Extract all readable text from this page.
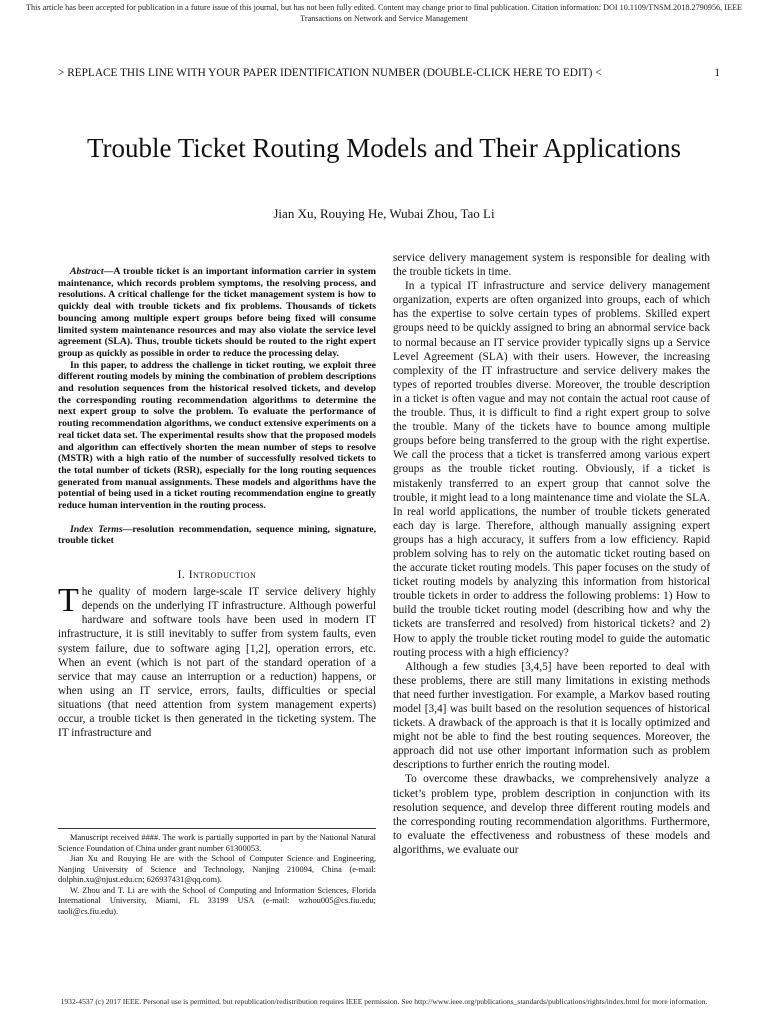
This article has been accepted for publication in a future issue of this journal, but has not been fully edited. Content may change prior to final publication. Citation information: DOI 10.1109/TNSM.2018.2790956, IEEE
Transactions on Network and Service Management
> REPLACE THIS LINE WITH YOUR PAPER IDENTIFICATION NUMBER (DOUBLE-CLICK HERE TO EDIT) <	1
Trouble Ticket Routing Models and Their Applications
Jian Xu, Rouying He, Wubai Zhou, Tao Li

Abstract—A trouble ticket is an important information carrier in system maintenance, which records problem symptoms, the resolving process, and resolutions. A critical challenge for the ticket management system is how to quickly deal with trouble tickets and fix problems. Thousands of tickets bouncing among multiple expert groups before being fixed will consume limited system maintenance resources and may also violate the service level agreement (SLA). Thus, trouble tickets should be routed to the right expert group as quickly as possible in order to reduce the processing delay.

In this paper, to address the challenge in ticket routing, we exploit three different routing models by mining the combination of problem descriptions and resolution sequences from the historical resolved tickets, and develop the corresponding routing recommendation algorithms to determine the next expert group to solve the problem. To evaluate the performance of routing recommendation algorithms, we conduct extensive experiments on a real ticket data set. The experimental results show that the proposed models and algorithm can effectively shorten the mean number of steps to resolve (MSTR) with a high ratio of the number of successfully resolved tickets to the total number of tickets (RSR), especially for the long routing sequences generated from manual assignments. These models and algorithms have the potential of being used in a ticket routing recommendation engine to greatly reduce human intervention in the routing process.

Index Terms—resolution recommendation, sequence mining, signature, trouble ticket

I. Introduction

The quality of modern large-scale IT service delivery highly depends on the underlying IT infrastructure. Although powerful hardware and software tools have been used in modern IT infrastructure, it is still inevitably to suffer from system faults, even system failure, due to software aging [1,2], operation errors, etc. When an event (which is not part of the standard operation of a service that may cause an interruption or a reduction) happens, or when using an IT service, errors, faults, difficulties or special situations (that need attention from system management experts) occur, a trouble ticket is then generated in the ticketing system. The IT infrastructure and

Manuscript received ####. The work is partially supported in part by the National Natural Science Foundation of China under grant number 61300053.

Jian Xu and Rouying He are with the School of Computer Science and Engineering, Nanjing University of Science and Technology, Nanjing 210094, China (e-mail: dolphin.xu@njust.edu.cn; 626937431@qq.com).

W. Zhou and T. Li are with the School of Computing and Information Sciences, Florida International University, Miami, FL 33199 USA (e-mail: wzhou005@cs.fiu.edu; taoli@cs.fiu.edu).

service delivery management system is responsible for dealing with the trouble tickets in time.

In a typical IT infrastructure and service delivery management organization, experts are often organized into groups, each of which has the expertise to solve certain types of problems. Skilled expert groups need to be quickly assigned to bring an abnormal service back to normal because an IT service provider typically signs up a Service Level Agreement (SLA) with their users. However, the increasing complexity of the IT infrastructure and service delivery makes the types of reported troubles diverse. Moreover, the trouble description in a ticket is often vague and may not contain the actual root cause of the trouble. Thus, it is difficult to find a right expert group to solve the trouble. Many of the tickets have to bounce among multiple groups before being transferred to the group with the right expertise. We call the process that a ticket is transferred among various expert groups as the trouble ticket routing. Obviously, if a ticket is mistakenly transferred to an expert group that cannot solve the trouble, it might lead to a long maintenance time and violate the SLA. In real world applications, the number of trouble tickets generated each day is large. Therefore, although manually assigning expert groups has a high accuracy, it suffers from a low efficiency. Rapid problem solving has to rely on the automatic ticket routing based on the accurate ticket routing models. This paper focuses on the study of ticket routing models by analyzing this information from historical trouble tickets in order to address the following problems: 1) How to build the trouble ticket routing model (describing how and why the tickets are transferred and resolved) from historical tickets? and 2) How to apply the trouble ticket routing model to guide the automatic routing process with a high efficiency?

Although a few studies [3,4,5] have been reported to deal with these problems, there are still many limitations in existing methods that need further investigation. For example, a Markov based routing model [3,4] was built based on the resolution sequences of historical tickets. A drawback of the approach is that it is locally optimized and might not be able to find the best routing sequences. Moreover, the approach did not use other important information such as problem descriptions to further enrich the routing model.

To overcome these drawbacks, we comprehensively analyze a ticket’s problem type, problem description in conjunction with its resolution sequence, and develop three different routing models and the corresponding routing recommendation algorithms. Furthermore, to evaluate the effectiveness and robustness of these models and algorithms, we evaluate our

1932-4537 (c) 2017 IEEE. Personal use is permitted, but republication/redistribution requires IEEE permission. See http://www.ieee.org/publications_standards/publications/rights/index.html for more information.
